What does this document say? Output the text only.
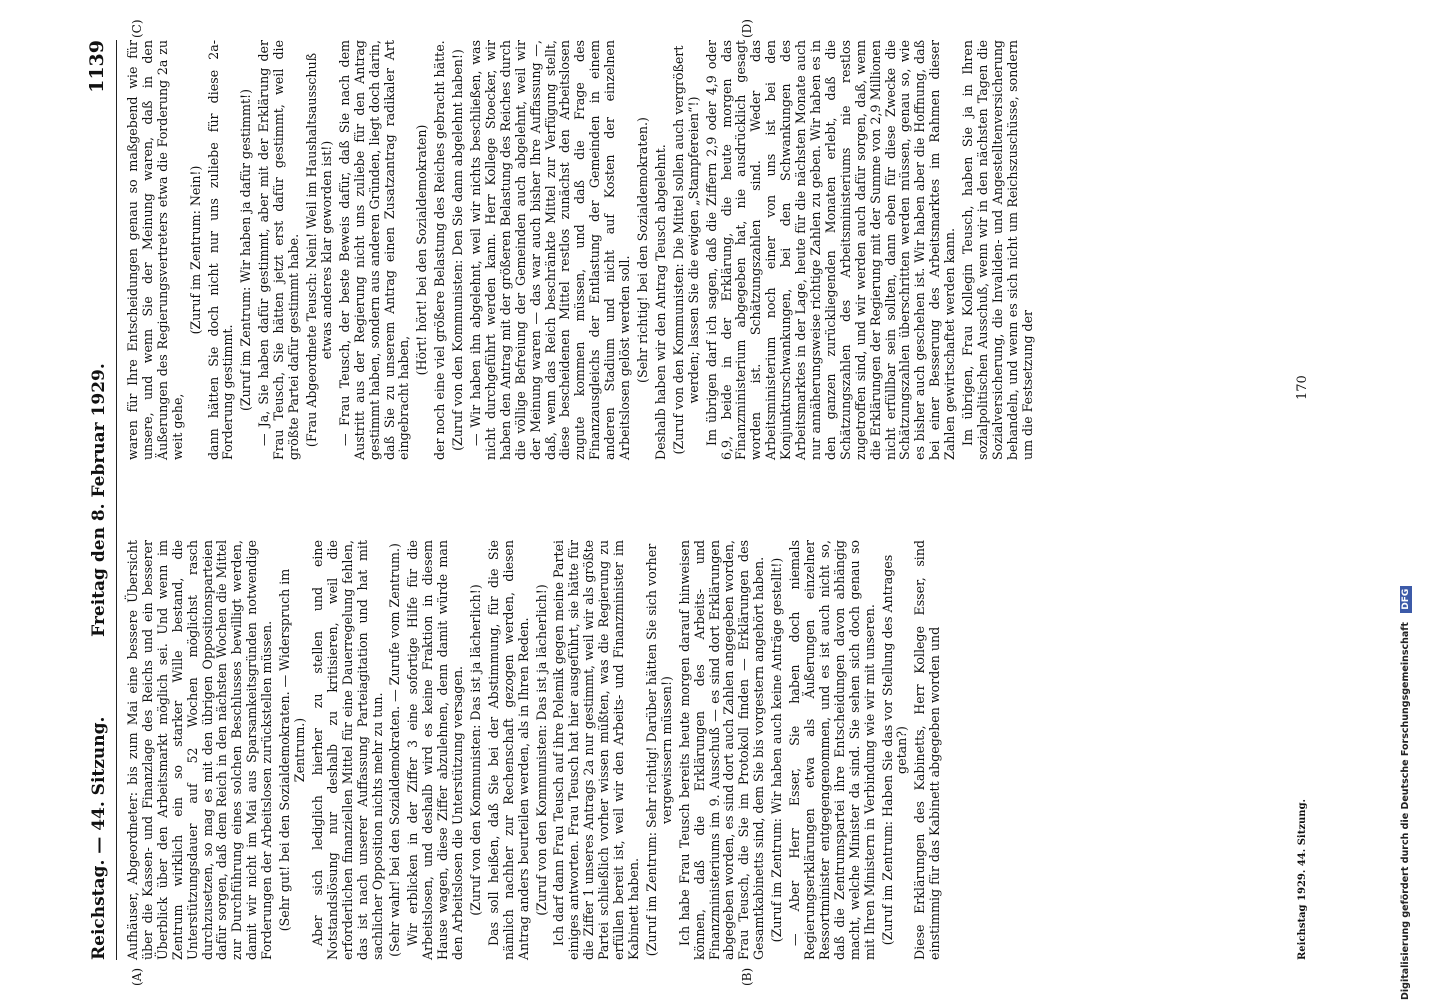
Reichstag. — 44. Sitzung.
Freitag den 8. Februar 1929.
1139
(A)	(B)
(C)	(D)

Aufhäuser, Abgeordneter: bis zum Mai eine bessere Übersicht über die Kassen- und Finanzlage des Reichs und ein besserer Überblick über den Arbeitsmarkt möglich sei. Und wenn im Zentrum wirklich ein so starker Wille bestand, die Unterstützungsdauer auf 52 Wochen möglichst rasch durchzusetzen, so mag es mit den übrigen Oppositionsparteien dafür sorgen, daß dem Reich in den nächsten Wochen die Mittel zur Durchführung eines solchen Beschlusses bewilligt werden, damit wir nicht im Mai aus Sparsamkeitsgründen notwendige Forderungen der Arbeitslosen zurückstellen müssen. (Sehr gut! bei den Sozialdemokraten. — Widerspruch im Zentrum.) Aber sich lediglich hierher zu stellen und eine Notstandslösung nur deshalb zu kritisieren, weil die erforderlichen finanziellen Mittel für eine Dauerregelung fehlen, das ist nach unserer Auffassung Parteiagitation und hat mit sachlicher Opposition nichts mehr zu tun. (Sehr wahr! bei den Sozialdemokraten. — Zurufe vom Zentrum.) Wir erblicken in der Ziffer 3 eine sofortige Hilfe für die Arbeitslosen, und deshalb wird es keine Fraktion in diesem Hause wagen, diese Ziffer abzulehnen, denn damit würde man den Arbeitslosen die Unterstützung versagen. (Zuruf von den Kommunisten: Das ist ja lächerlich!) Das soll heißen, daß Sie bei der Abstimmung, für die Sie nämlich nachher zur Rechenschaft gezogen werden, diesen Antrag anders beurteilen werden, als in Ihren Reden. (Zuruf von den Kommunisten: Das ist ja lächerlich!) Ich darf dann Frau Teusch auf ihre Polemik gegen meine Partei einiges antworten. Frau Teusch hat hier ausgeführt, sie hätte für die Ziffer 1 unseres Antrags 2a nur gestimmt, weil wir als größte Partei schließlich vorher wissen müßten, was die Regierung zu erfüllen bereit ist, weil wir den Arbeits- und Finanzminister im Kabinett haben. (Zuruf im Zentrum: Sehr richtig! Darüber hätten Sie sich vorher vergewissern müssen!) Ich habe Frau Teusch bereits heute morgen darauf hinweisen können, daß die Erklärungen des Arbeits- und Finanzministeriums im 9. Ausschuß — es sind dort Erklärungen abgegeben worden, es sind dort auch Zahlen angegeben worden, Frau Teusch, die Sie im Protokoll finden — Erklärungen des Gesamtkabinetts sind, dem Sie bis vorgestern angehört haben. (Zuruf im Zentrum: Wir haben auch keine Anträge gestellt!) — Aber Herr Esser, Sie haben doch niemals Regierungserklärungen etwa als Äußerungen einzelner Ressortminister entgegengenommen, und es ist auch nicht so, daß die Zentrumspartei ihre Entscheidungen davon abhängig macht, welche Minister da sind. Sie sehen sich doch genau so mit Ihren Ministern in Verbindung wie wir mit unseren. (Zuruf im Zentrum: Haben Sie das vor Stellung des Antrages getan?) Diese Erklärungen des Kabinetts, Herr Kollege Esser, sind einstimmig für das Kabinett abgegeben worden und

waren für Ihre Entscheidungen genau so maßgebend wie für unsere, und wenn Sie der Meinung waren, daß in den Äußerungen des Regierungsvertreters etwa die Forderung 2a zu weit gehe,

(Zuruf im Zentrum: Nein!) dann hätten Sie doch nicht nur uns zuliebe für diese 2a-Forderung gestimmt. (Zuruf im Zentrum: Wir haben ja dafür gestimmt!) — Ja, Sie haben dafür gestimmt, aber mit der Erklärung der Frau Teusch, Sie hätten jetzt erst dafür gestimmt, weil die größte Partei dafür gestimmt habe. (Frau Abgeordnete Teusch: Nein! Weil im Haushaltsausschuß etwas anderes klar geworden ist!) — Frau Teusch, der beste Beweis dafür, daß Sie nach dem Austritt aus der Regierung nicht uns zuliebe für den Antrag gestimmt haben, sondern aus anderen Gründen, liegt doch darin, daß Sie zu unserem Antrag einen Zusatzantrag radikaler Art eingebracht haben,

(Hört! hört! bei den Sozialdemokraten) der noch eine viel größere Belastung des Reiches gebracht hätte. (Zuruf von den Kommunisten: Den Sie dann abgelehnt haben!) — Wir haben ihn abgelehnt, weil wir nichts beschließen, was nicht durchgeführt werden kann. Herr Kollege Stoecker, wir haben den Antrag mit der größeren Belastung des Reiches durch die völlige Befreiung der Gemeinden auch abgelehnt, weil wir der Meinung waren — das war auch bisher Ihre Auffassung —, daß, wenn das Reich beschränkte Mittel zur Verfügung stellt, diese bescheidenen Mittel restlos zunächst den Arbeitslosen zugute kommen müssen, und daß die Frage des Finanzausgleichs der Entlastung der Gemeinden in einem anderen Stadium und nicht auf Kosten der einzelnen Arbeitslosen gelöst werden soll. (Sehr richtig! bei den Sozialdemokraten.) Deshalb haben wir den Antrag Teusch abgelehnt. (Zuruf von den Kommunisten: Die Mittel sollen auch vergrößert werden; lassen Sie die ewigen „Stampfereien“!) Im übrigen darf ich sagen, daß die Ziffern 2,9 oder 4,9 oder 6,9, beide in der Erklärung, die heute morgen das Finanzministerium abgegeben hat, nie ausdrücklich gesagt worden ist. Schätzungszahlen sind. Weder das Arbeitsministerium noch einer von uns ist bei den Konjunkturschwankungen, bei den Schwankungen des Arbeitsmarktes in der Lage, heute für die nächsten Monate auch nur annäherungsweise richtige Zahlen zu geben. Wir haben es in den ganzen zurückliegenden Monaten erlebt, daß die Schätzungszahlen des Arbeitsministeriums nie restlos zugetroffen sind, und wir werden auch dafür sorgen, daß, wenn die Erklärungen der Regierung mit der Summe von 2,9 Millionen nicht erfüllbar sein sollten, dann eben für diese Zwecke die Schätzungszahlen überschritten werden müssen, genau so, wie es bisher auch geschehen ist. Wir haben aber die Hoffnung, daß bei einer Besserung des Arbeitsmarktes im Rahmen dieser Zahlen gewirtschaftet werden kann. Im übrigen, Frau Kollegin Teusch, haben Sie ja in Ihren sozialpolitischen Ausschuß, wenn wir in den nächsten Tagen die Sozialversicherung, die Invaliden- und Angestelltenversicherung behandeln, und wenn es sich nicht um Reichszuschüsse, sondern um die Festsetzung der

Reichstag 1929. 44. Sitzung.
170
Digitalisierung gefördert durch die Deutsche Forschungsgemeinschaft DFG
